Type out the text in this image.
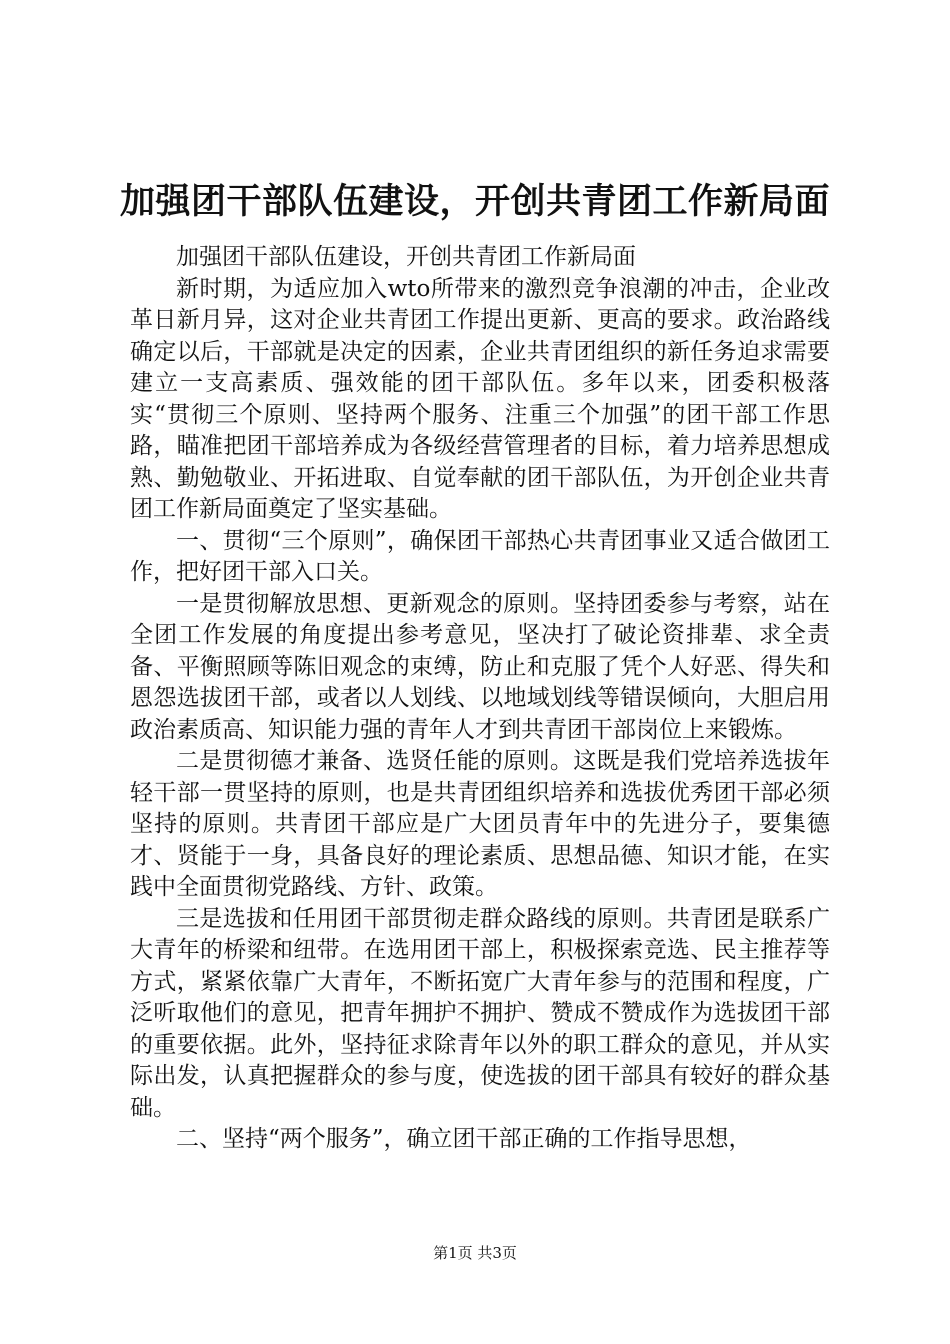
加强团干部队伍建设，开创共青团工作新局面

加强团干部队伍建设，开创共青团工作新局面

新时期，为适应加入wto所带来的激烈竞争浪潮的冲击，企业改革日新月异，这对企业共青团工作提出更新、更高的要求。政治路线确定以后，干部就是决定的因素，企业共青团组织的新任务迫求需要建立一支高素质、强效能的团干部队伍。多年以来，团委积极落实“贯彻三个原则、坚持两个服务、注重三个加强”的团干部工作思路，瞄准把团干部培养成为各级经营管理者的目标，着力培养思想成熟、勤勉敬业、开拓进取、自觉奉献的团干部队伍，为开创企业共青团工作新局面奠定了坚实基础。

一、贯彻“三个原则”，确保团干部热心共青团事业又适合做团工作，把好团干部入口关。

一是贯彻解放思想、更新观念的原则。坚持团委参与考察，站在全团工作发展的角度提出参考意见，坚决打了破论资排辈、求全责备、平衡照顾等陈旧观念的束缚，防止和克服了凭个人好恶、得失和恩怨选拔团干部，或者以人划线、以地域划线等错误倾向，大胆启用政治素质高、知识能力强的青年人才到共青团干部岗位上来锻炼。

二是贯彻德才兼备、选贤任能的原则。这既是我们党培养选拔年轻干部一贯坚持的原则，也是共青团组织培养和选拔优秀团干部必须坚持的原则。共青团干部应是广大团员青年中的先进分子，要集德才、贤能于一身，具备良好的理论素质、思想品德、知识才能，在实践中全面贯彻党路线、方针、政策。

三是选拔和任用团干部贯彻走群众路线的原则。共青团是联系广大青年的桥梁和纽带。在选用团干部上，积极探索竞选、民主推荐等方式，紧紧依靠广大青年，不断拓宽广大青年参与的范围和程度，广泛听取他们的意见，把青年拥护不拥护、赞成不赞成作为选拔团干部的重要依据。此外，坚持征求除青年以外的职工群众的意见，并从实际出发，认真把握群众的参与度，使选拔的团干部具有较好的群众基础。

二、坚持“两个服务”，确立团干部正确的工作指导思想，

第1页 共3页
